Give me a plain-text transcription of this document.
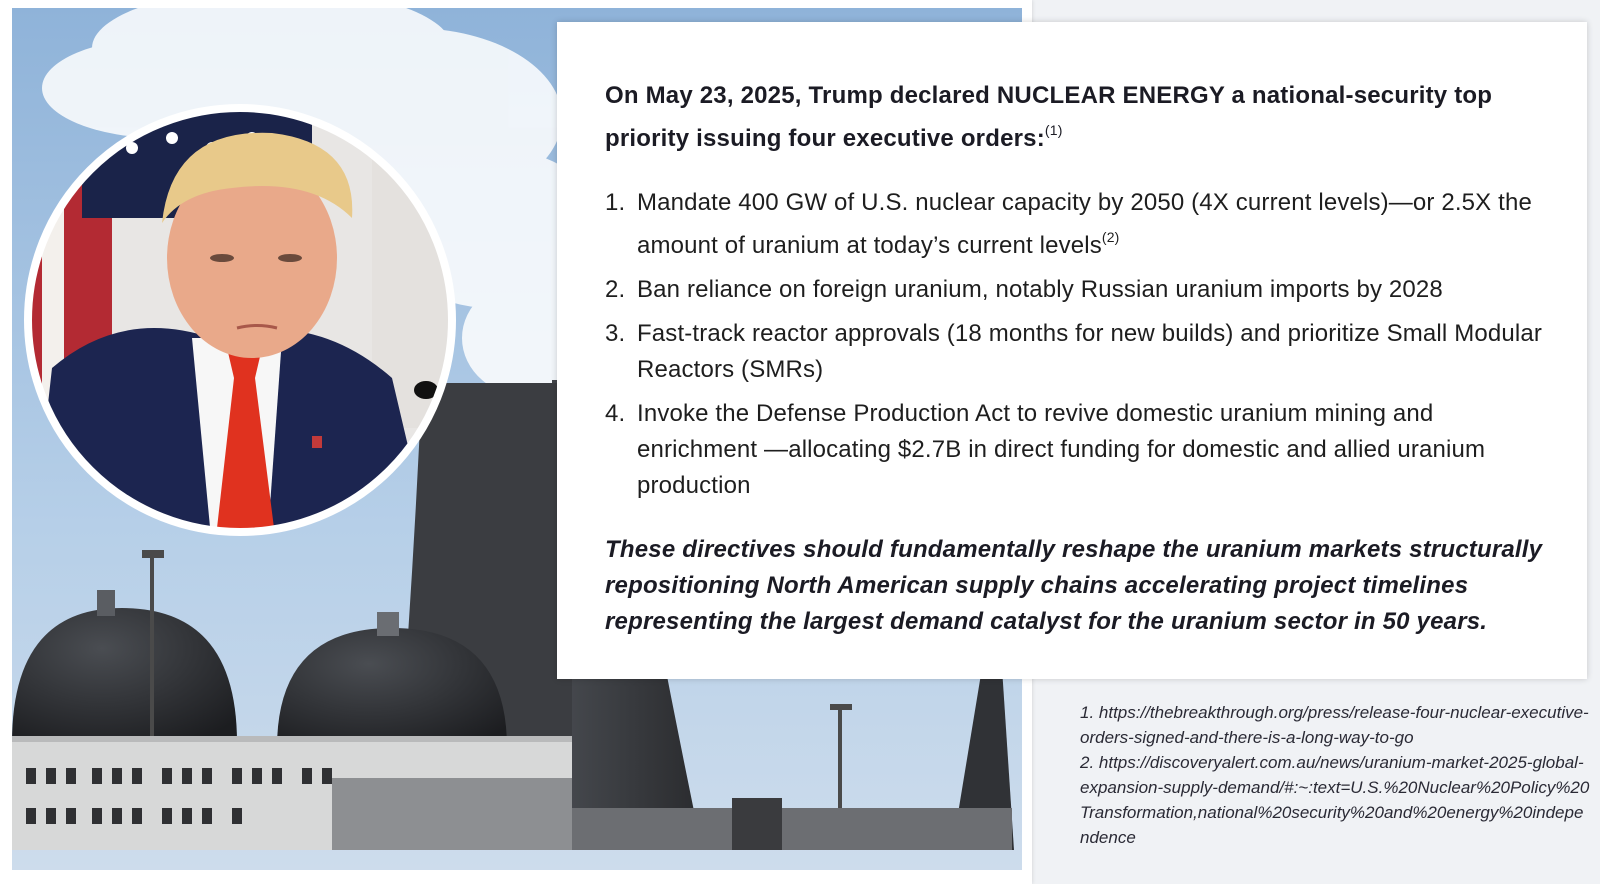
On May 23, 2025, Trump declared NUCLEAR ENERGY a national-security top priority issuing four executive orders:$^{(1)}$

1. Mandate 400 GW of U.S. nuclear capacity by 2050 (4X current levels)—or 2.5X the amount of uranium at today’s current levels$^{(2)}$
2. Ban reliance on foreign uranium, notably Russian uranium imports by 2028
3. Fast-track reactor approvals (18 months for new builds) and prioritize Small Modular Reactors (SMRs)
4. Invoke the Defense Production Act to revive domestic uranium mining and enrichment —allocating $2.7B in direct funding for domestic and allied uranium production

These directives should fundamentally reshape the uranium markets structurally repositioning North American supply chains accelerating project timelines representing the largest demand catalyst for the uranium sector in 50 years.

1. https://thebreakthrough.org/press/release-four-nuclear-executive-orders-signed-and-there-is-a-long-way-to-go
2. https://discoveryalert.com.au/news/uranium-market-2025-global-expansion-supply-demand/#:~:text=U.S.%20Nuclear%20Policy%20Transformation,national%20security%20and%20energy%20independence
